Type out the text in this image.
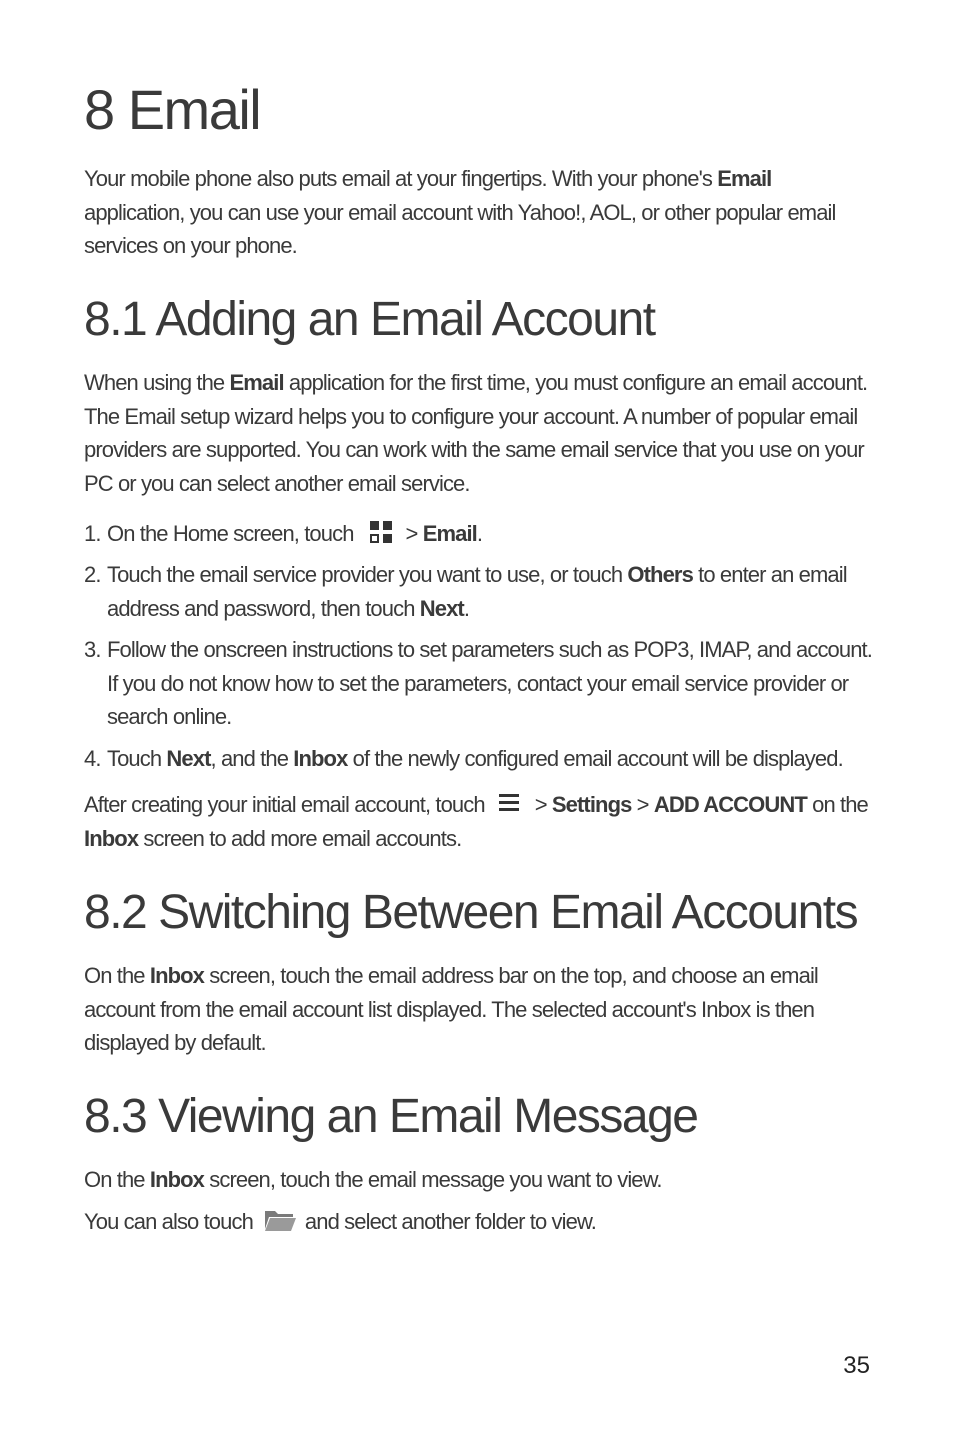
8 Email

Your mobile phone also puts email at your fingertips. With your phone's Email application, you can use your email account with Yahoo!, AOL, or other popular email services on your phone.

8.1 Adding an Email Account

When using the Email application for the first time, you must configure an email account. The Email setup wizard helps you to configure your account. A number of popular email providers are supported. You can work with the same email service that you use on your PC or you can select another email service.

1. On the Home screen, touch > Email.
2. Touch the email service provider you want to use, or touch Others to enter an email address and password, then touch Next.
3. Follow the onscreen instructions to set parameters such as POP3, IMAP, and account. If you do not know how to set the parameters, contact your email service provider or search online.
4. Touch Next, and the Inbox of the newly configured email account will be displayed.

After creating your initial email account, touch > Settings > ADD ACCOUNT on the Inbox screen to add more email accounts.

8.2 Switching Between Email Accounts

On the Inbox screen, touch the email address bar on the top, and choose an email account from the email account list displayed. The selected account's Inbox is then displayed by default.

8.3 Viewing an Email Message

On the Inbox screen, touch the email message you want to view.

You can also touch and select another folder to view.

35
